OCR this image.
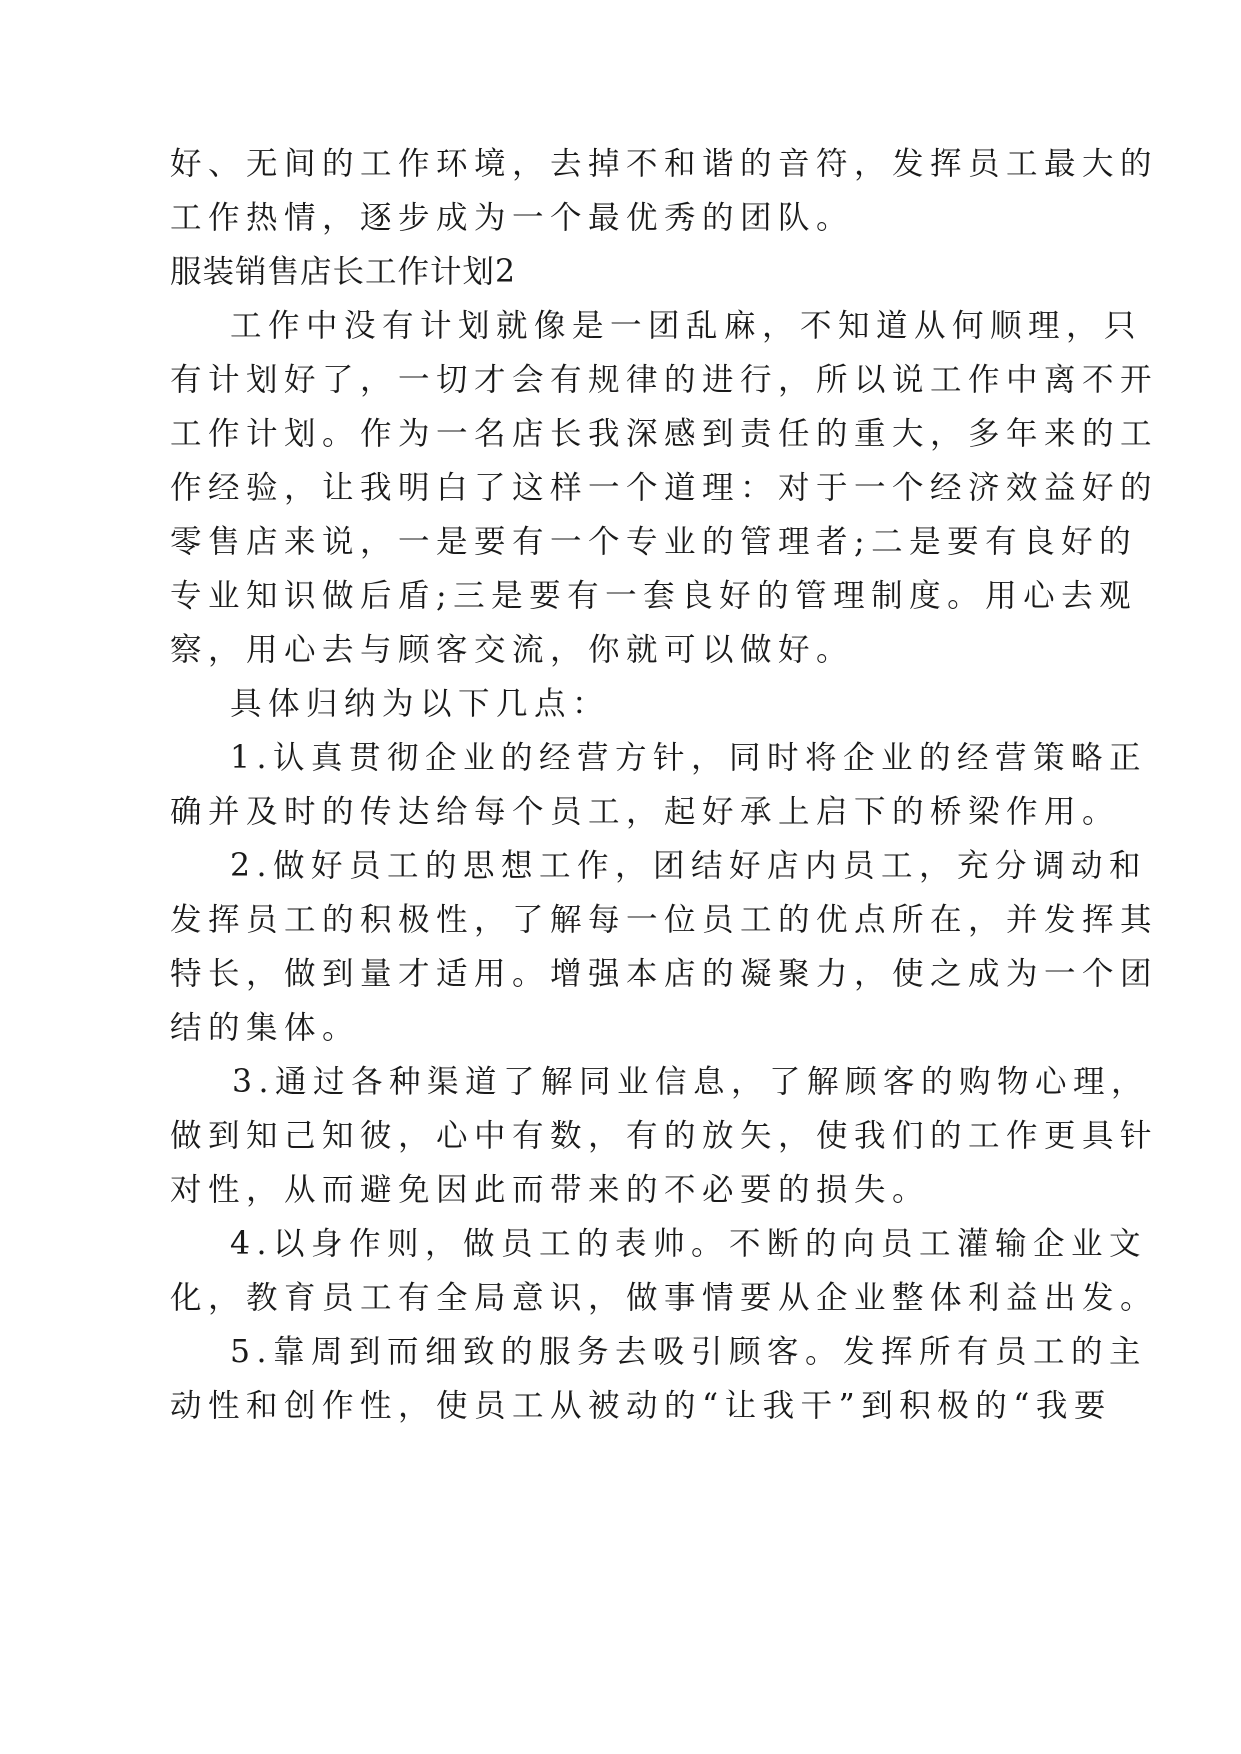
好、无间的工作环境，去掉不和谐的音符，发挥员工最大的

工作热情，逐步成为一个最优秀的团队。

服装销售店长工作计划2

工作中没有计划就像是一团乱麻，不知道从何顺理，只

有计划好了，一切才会有规律的进行，所以说工作中离不开

工作计划。作为一名店长我深感到责任的重大，多年来的工

作经验，让我明白了这样一个道理：对于一个经济效益好的

零售店来说，一是要有一个专业的管理者;二是要有良好的

专业知识做后盾;三是要有一套良好的管理制度。用心去观

察，用心去与顾客交流，你就可以做好。

具体归纳为以下几点：

1.认真贯彻企业的经营方针，同时将企业的经营策略正

确并及时的传达给每个员工，起好承上启下的桥梁作用。

2.做好员工的思想工作，团结好店内员工，充分调动和

发挥员工的积极性，了解每一位员工的优点所在，并发挥其

特长，做到量才适用。增强本店的凝聚力，使之成为一个团

结的集体。

3.通过各种渠道了解同业信息，了解顾客的购物心理，

做到知己知彼，心中有数，有的放矢，使我们的工作更具针

对性，从而避免因此而带来的不必要的损失。

4.以身作则，做员工的表帅。不断的向员工灌输企业文

化，教育员工有全局意识，做事情要从企业整体利益出发。

5.靠周到而细致的服务去吸引顾客。发挥所有员工的主

动性和创作性，使员工从被动的“让我干”到积极的“我要
